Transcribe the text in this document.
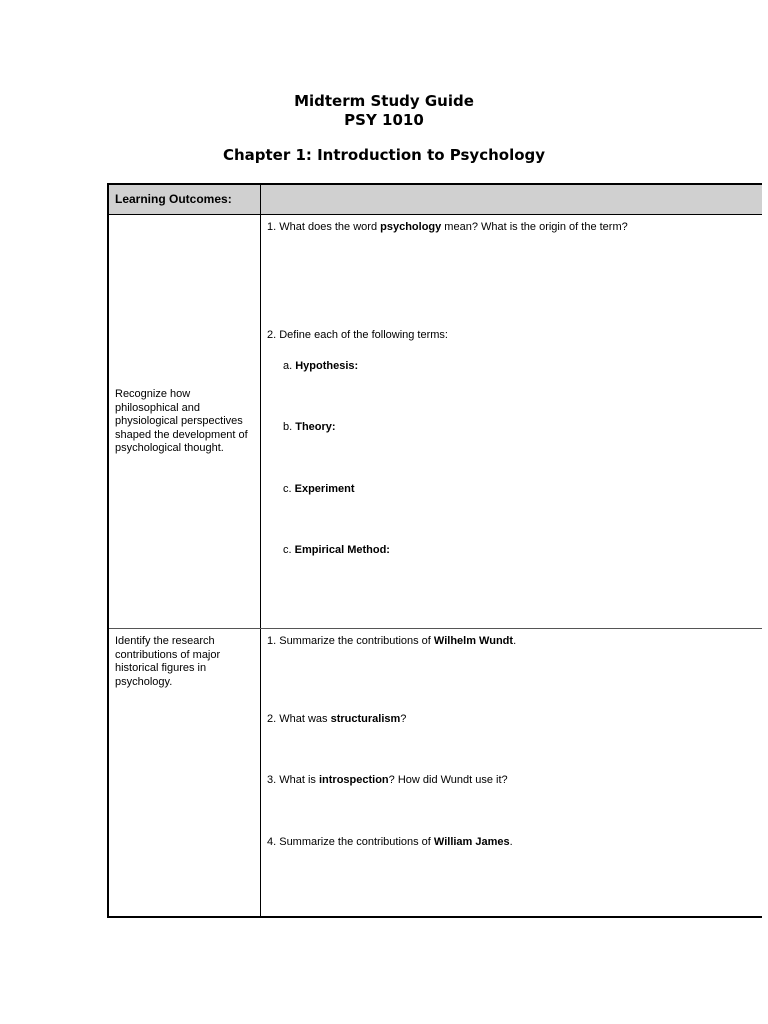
Midterm Study Guide
PSY 1010
Chapter 1: Introduction to Psychology
Learning Outcomes:
Recognize how philosophical and physiological perspectives shaped the development of psychological thought.
1. What does the word psychology mean? What is the origin of the term?
2. Define each of the following terms:
a. Hypothesis:
b. Theory:
c. Experiment
c. Empirical Method:
Identify the research contributions of major historical figures in psychology.
1. Summarize the contributions of Wilhelm Wundt.
2. What was structuralism?
3. What is introspection? How did Wundt use it?
4. Summarize the contributions of William James.
